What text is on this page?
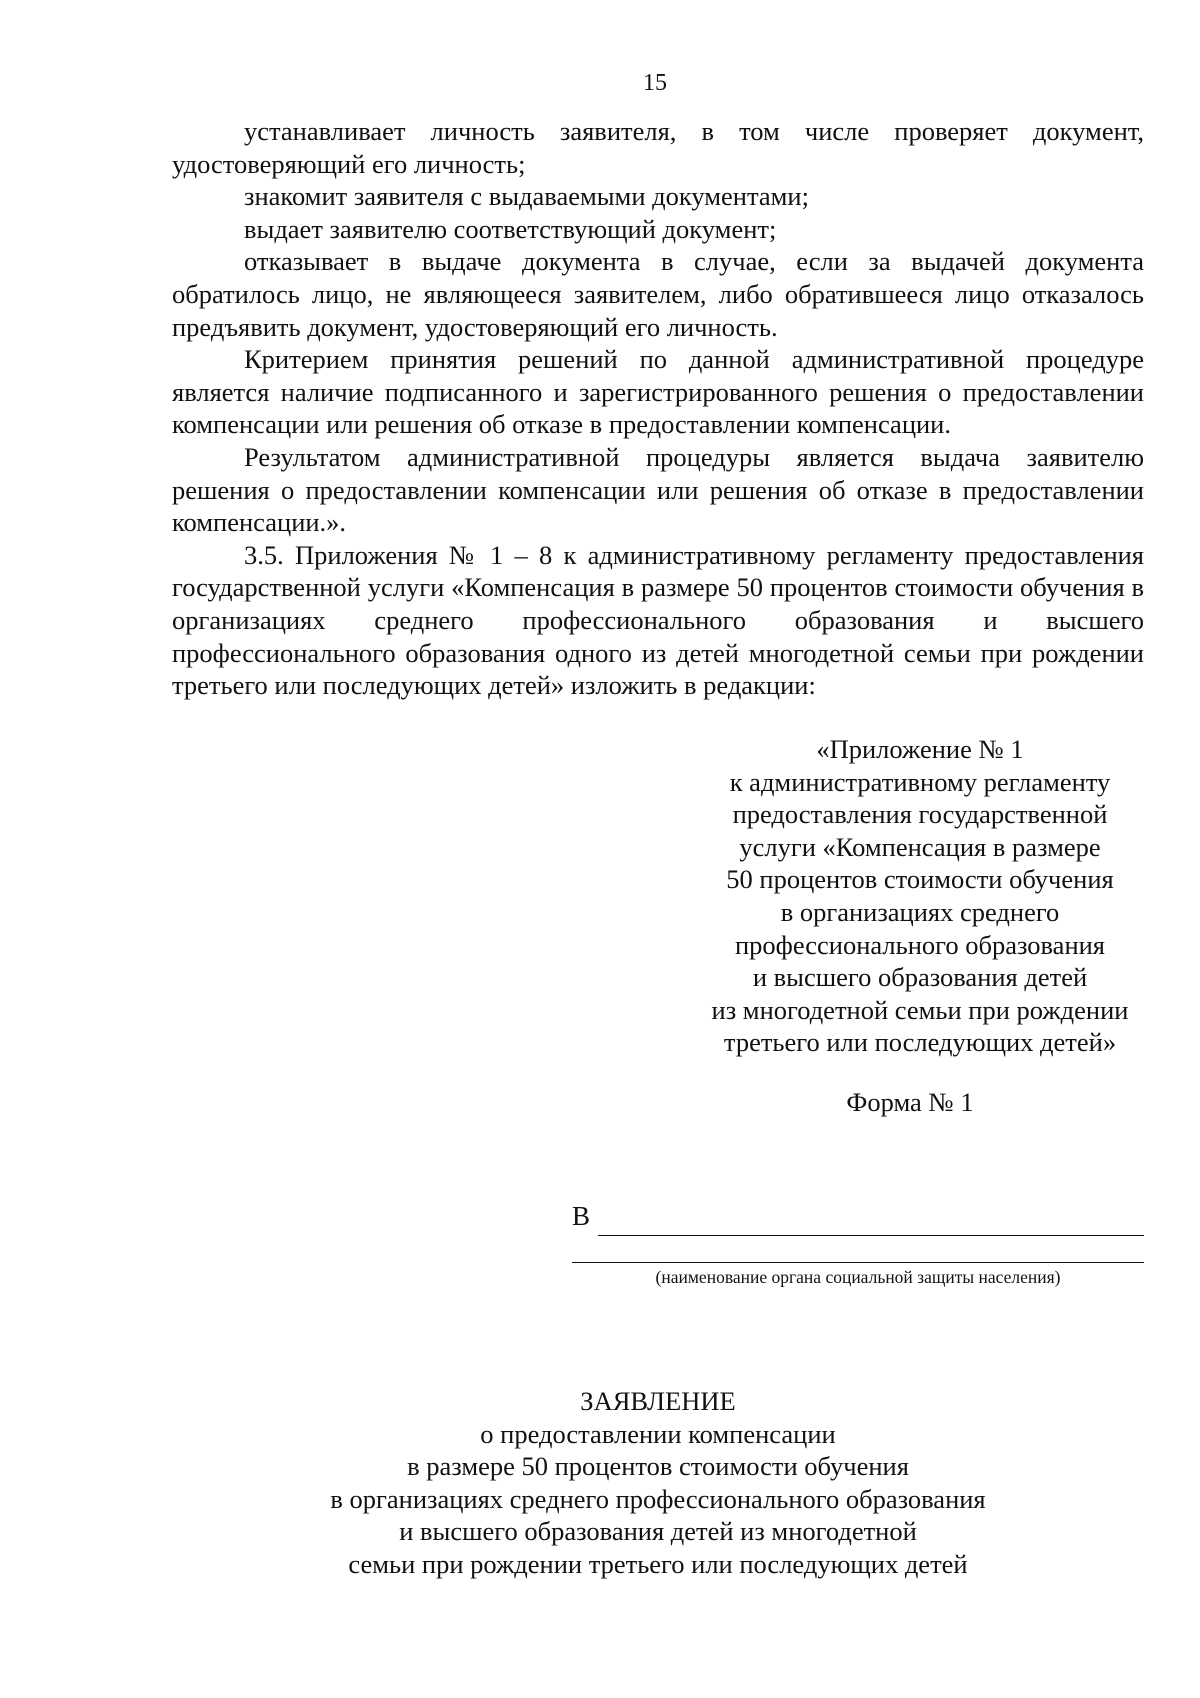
15

устанавливает личность заявителя, в том числе проверяет документ, удостоверяющий его личность;

знакомит заявителя с выдаваемыми документами;

выдает заявителю соответствующий документ;

отказывает в выдаче документа в случае, если за выдачей документа обратилось лицо, не являющееся заявителем, либо обратившееся лицо отказалось предъявить документ, удостоверяющий его личность.

Критерием принятия решений по данной административной процедуре является наличие подписанного и зарегистрированного решения о предоставлении компенсации или решения об отказе в предоставлении компенсации.

Результатом административной процедуры является выдача заявителю решения о предоставлении компенсации или решения об отказе в предоставлении компенсации.».

3.5. Приложения № 1 – 8 к административному регламенту предоставления государственной услуги «Компенсация в размере 50 процентов стоимости обучения в организациях среднего профессионального образования и высшего профессионального образования одного из детей многодетной семьи при рождении третьего или последующих детей» изложить в редакции:

«Приложение № 1
к административному регламенту
предоставления государственной
услуги «Компенсация в размере
50 процентов стоимости обучения
в организациях среднего
профессионального образования
и высшего образования детей
из многодетной семьи при рождении
третьего или последующих детей»
Форма № 1
В
(наименование органа социальной защиты населения)
ЗАЯВЛЕНИЕ
о предоставлении компенсации
в размере 50 процентов стоимости обучения
в организациях среднего профессионального образования
и высшего образования детей из многодетной
семьи при рождении третьего или последующих детей
